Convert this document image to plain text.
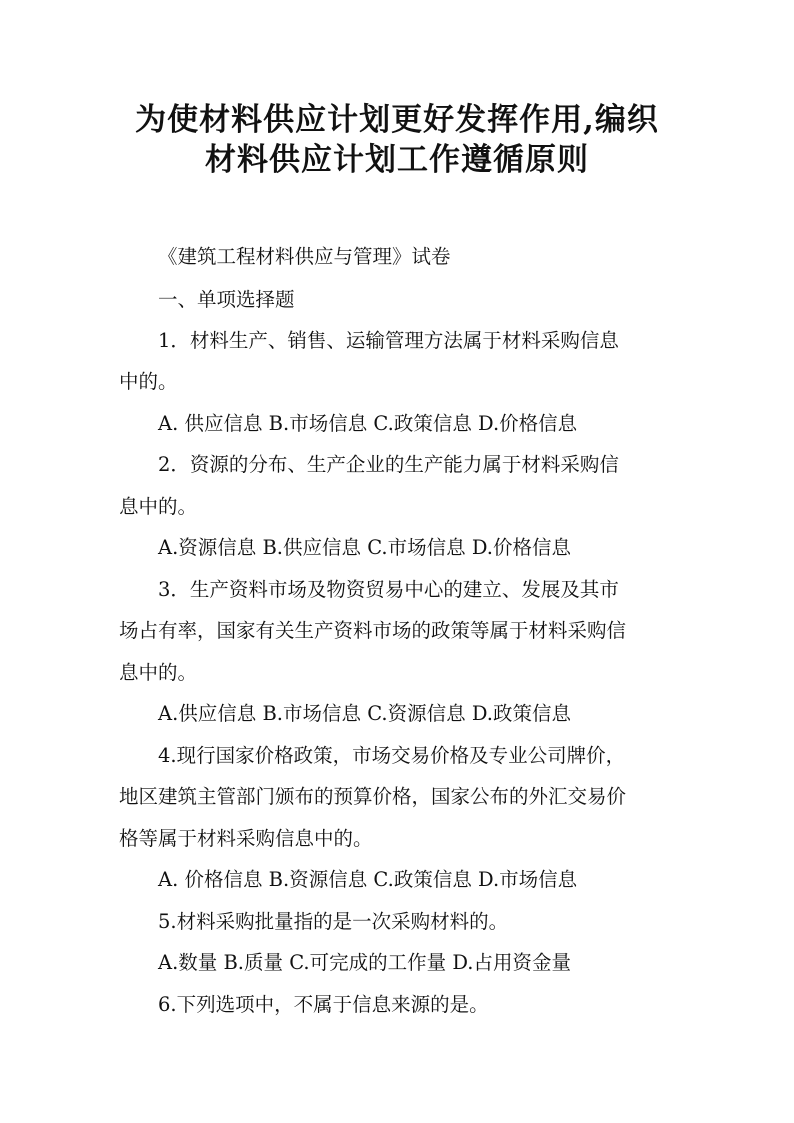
为使材料供应计划更好发挥作用,编织
材料供应计划工作遵循原则

《建筑工程材料供应与管理》试卷

一、单项选择题

1．材料生产、销售、运输管理方法属于材料采购信息

中的。

A. 供应信息 B.市场信息 C.政策信息 D.价格信息

2．资源的分布、生产企业的生产能力属于材料采购信

息中的。

A.资源信息 B.供应信息 C.市场信息 D.价格信息

3．生产资料市场及物资贸易中心的建立、发展及其市

场占有率，国家有关生产资料市场的政策等属于材料采购信

息中的。

A.供应信息 B.市场信息 C.资源信息 D.政策信息

4.现行国家价格政策，市场交易价格及专业公司牌价，

地区建筑主管部门颁布的预算价格，国家公布的外汇交易价

格等属于材料采购信息中的。

A. 价格信息 B.资源信息 C.政策信息 D.市场信息

5.材料采购批量指的是一次采购材料的。

A.数量 B.质量 C.可完成的工作量 D.占用资金量

6.下列选项中，不属于信息来源的是。
